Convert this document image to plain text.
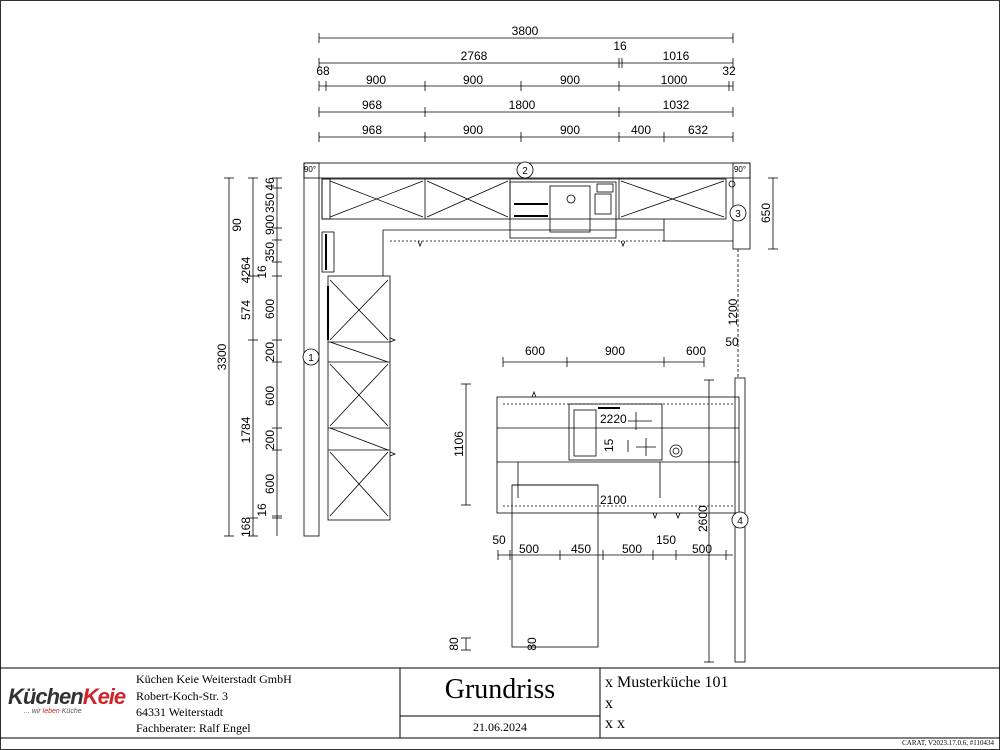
3800
2768
16
1016
68	32
900	900	900	1000
968	1800	1032
968	900	900	400	632
3300
4264
574
1784
168
46
350
90 900
350
16
600
200
600
200
600
16
600	900	600
1106
2220
15
2100
2600
50
500	450	500
150
500
80	80
650
1200
50
1
2
3
4
90°	90°
KüchenKeie
... wir leben Küche
Küchen Keie Weiterstadt GmbH
Robert-Koch-Str. 3
64331 Weiterstadt
Fachberater: Ralf Engel
Grundriss
21.06.2024
x Musterküche 101
x
x x
CARAT, V2023.17.0.6, #110434
